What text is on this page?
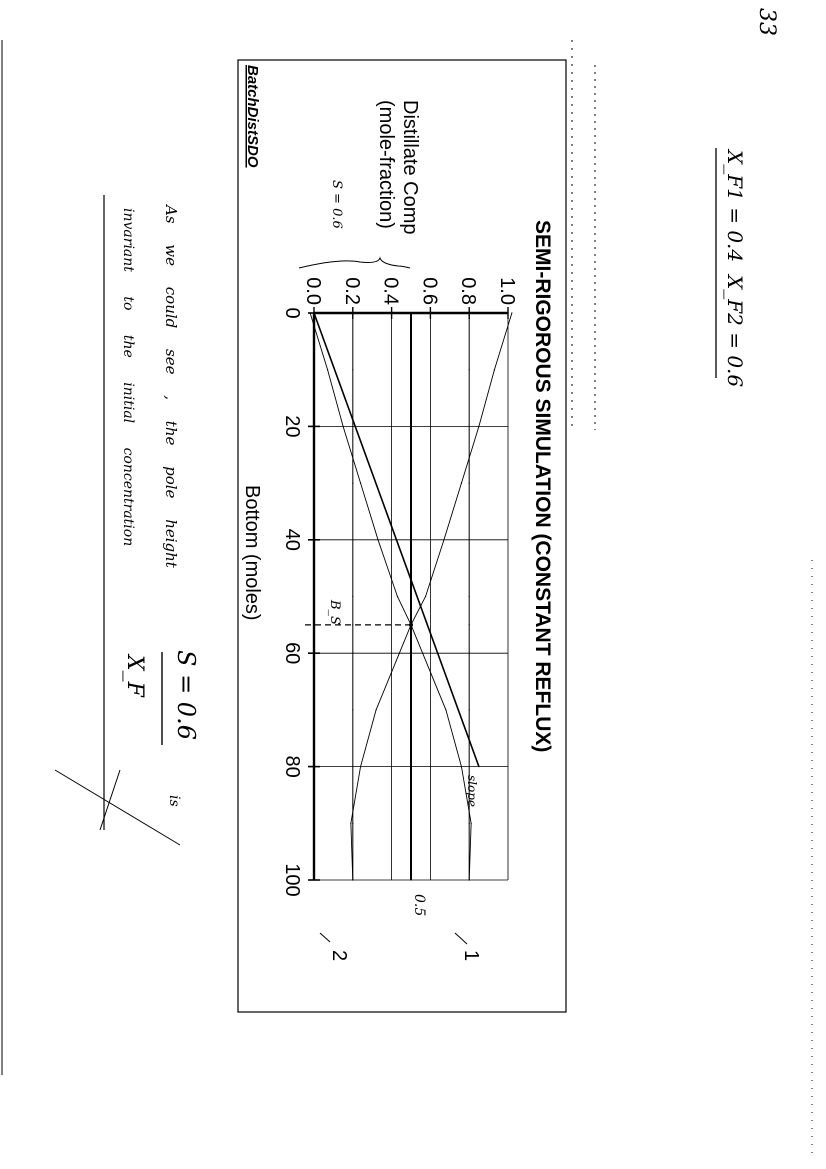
33
X_F1 = 0.4
X_F2 = 0.6
SEMI-RIGOROUS SIMULATION (CONSTANT REFLUX)
Distillate Comp
(mole-fraction)
Bottom (moles)
BatchDistSDO
0.0 0.2 0.4 0.6 0.8 1.0
0
20
40
60
80
100
S = 0.6
0.5
B_S
slope
1
2
As we could see , the pole height
S = 0.6
is
invariant to the initial concentration
X_F
